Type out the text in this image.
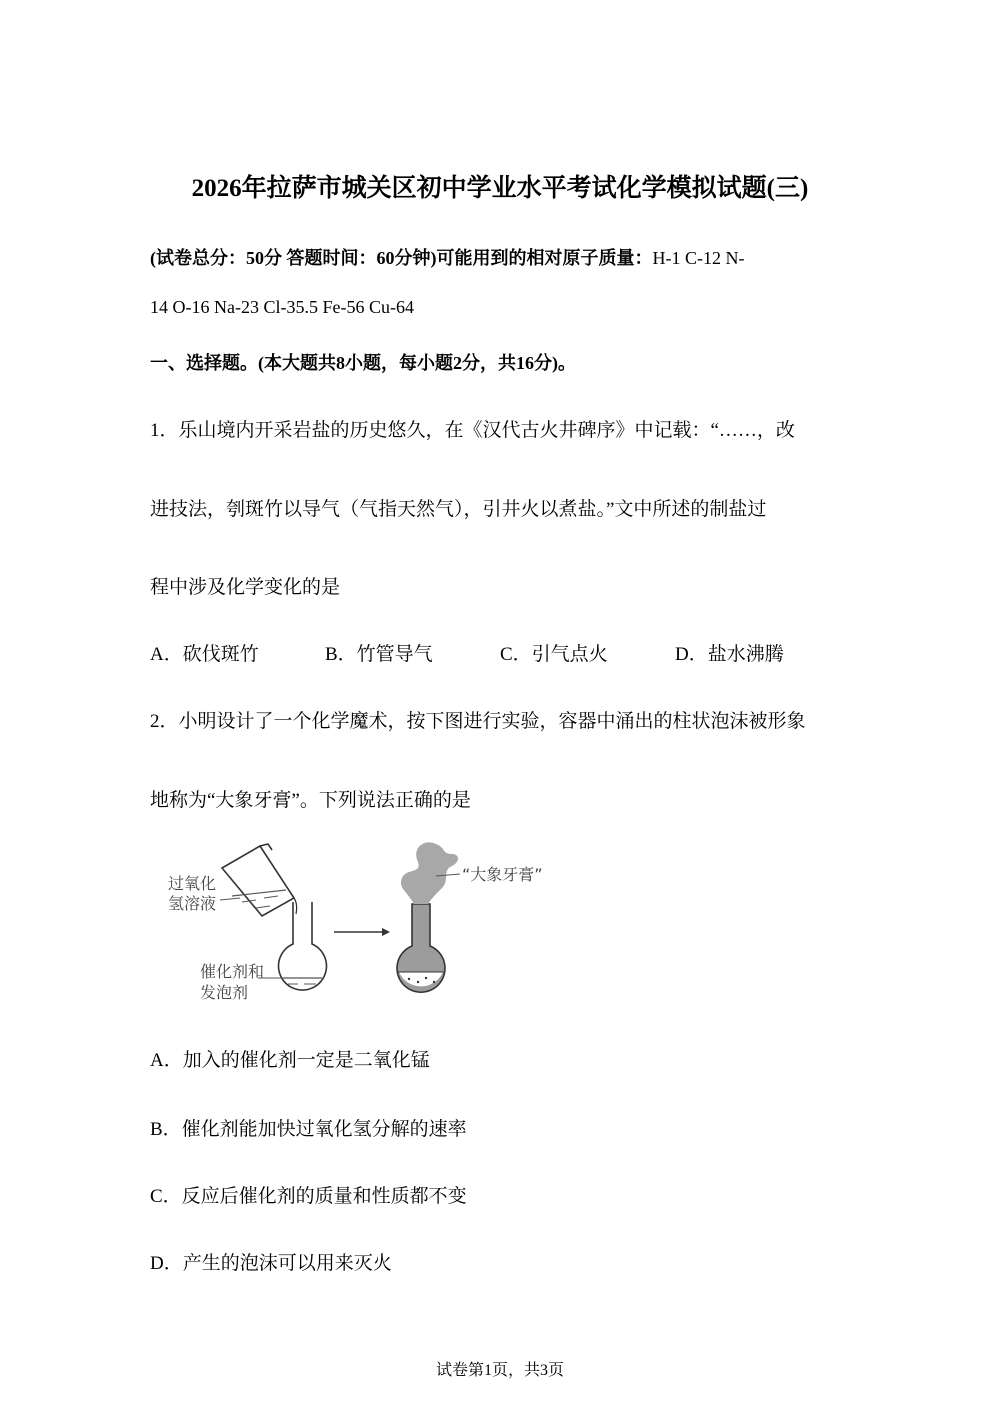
2026年拉萨市城关区初中学业水平考试化学模拟试题(三)
(试卷总分：50分 答题时间：60分钟)可能用到的相对原子质量：H-1 C-12 N-
14 O-16 Na-23 Cl-35.5 Fe-56 Cu-64
一、选择题。(本大题共8小题，每小题2分，共16分)。
1．乐山境内开采岩盐的历史悠久，在《汉代古火井碑序》中记载：“……，改
进技法，刳斑竹以导气（气指天然气），引井火以煮盐。”文中所述的制盐过
程中涉及化学变化的是
A．砍伐斑竹	B．竹管导气	C．引气点火	D．盐水沸腾
2．小明设计了一个化学魔术，按下图进行实验，容器中涌出的柱状泡沫被形象
地称为“大象牙膏”。下列说法正确的是
过氧化
氢溶液
催化剂和
发泡剂
“大象牙膏”
A．加入的催化剂一定是二氧化锰
B．催化剂能加快过氧化氢分解的速率
C．反应后催化剂的质量和性质都不变
D．产生的泡沫可以用来灭火
试卷第1页，共3页
